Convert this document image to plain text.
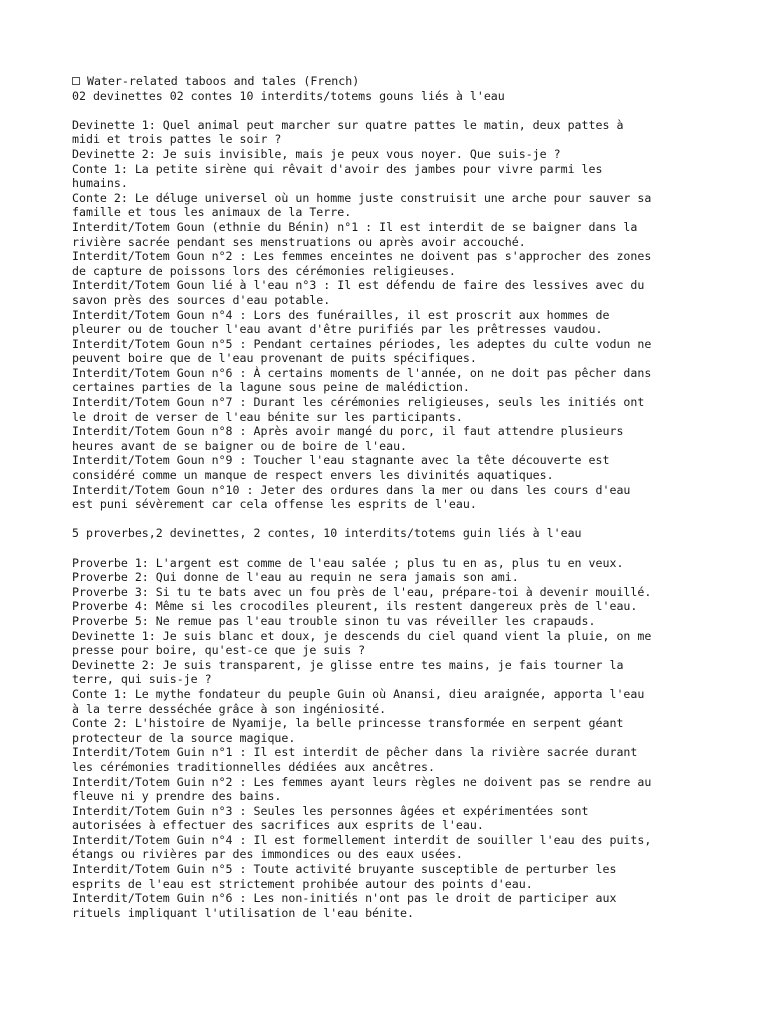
Water-related taboos and tales (French)
02 devinettes 02 contes 10 interdits/totems gouns liés à l'eau
Devinette 1: Quel animal peut marcher sur quatre pattes le matin, deux pattes à
midi et trois pattes le soir ?
Devinette 2: Je suis invisible, mais je peux vous noyer. Que suis-je ?
Conte 1: La petite sirène qui rêvait d'avoir des jambes pour vivre parmi les
humains.
Conte 2: Le déluge universel où un homme juste construisit une arche pour sauver sa
famille et tous les animaux de la Terre.
Interdit/Totem Goun (ethnie du Bénin) n°1 : Il est interdit de se baigner dans la
rivière sacrée pendant ses menstruations ou après avoir accouché.
Interdit/Totem Goun n°2 : Les femmes enceintes ne doivent pas s'approcher des zones
de capture de poissons lors des cérémonies religieuses.
Interdit/Totem Goun lié à l'eau n°3 : Il est défendu de faire des lessives avec du
savon près des sources d'eau potable.
Interdit/Totem Goun n°4 : Lors des funérailles, il est proscrit aux hommes de
pleurer ou de toucher l'eau avant d'être purifiés par les prêtresses vaudou.
Interdit/Totem Goun n°5 : Pendant certaines périodes, les adeptes du culte vodun ne
peuvent boire que de l'eau provenant de puits spécifiques.
Interdit/Totem Goun n°6 : À certains moments de l'année, on ne doit pas pêcher dans
certaines parties de la lagune sous peine de malédiction.
Interdit/Totem Goun n°7 : Durant les cérémonies religieuses, seuls les initiés ont
le droit de verser de l'eau bénite sur les participants.
Interdit/Totem Goun n°8 : Après avoir mangé du porc, il faut attendre plusieurs
heures avant de se baigner ou de boire de l'eau.
Interdit/Totem Goun n°9 : Toucher l'eau stagnante avec la tête découverte est
considéré comme un manque de respect envers les divinités aquatiques.
Interdit/Totem Goun n°10 : Jeter des ordures dans la mer ou dans les cours d'eau
est puni sévèrement car cela offense les esprits de l'eau.
5 proverbes,2 devinettes, 2 contes, 10 interdits/totems guin liés à l'eau
Proverbe 1: L'argent est comme de l'eau salée ; plus tu en as, plus tu en veux.
Proverbe 2: Qui donne de l'eau au requin ne sera jamais son ami.
Proverbe 3: Si tu te bats avec un fou près de l'eau, prépare-toi à devenir mouillé.
Proverbe 4: Même si les crocodiles pleurent, ils restent dangereux près de l'eau.
Proverbe 5: Ne remue pas l'eau trouble sinon tu vas réveiller les crapauds.
Devinette 1: Je suis blanc et doux, je descends du ciel quand vient la pluie, on me
presse pour boire, qu'est-ce que je suis ?
Devinette 2: Je suis transparent, je glisse entre tes mains, je fais tourner la
terre, qui suis-je ?
Conte 1: Le mythe fondateur du peuple Guin où Anansi, dieu araignée, apporta l'eau
à la terre desséchée grâce à son ingéniosité.
Conte 2: L'histoire de Nyamije, la belle princesse transformée en serpent géant
protecteur de la source magique.
Interdit/Totem Guin n°1 : Il est interdit de pêcher dans la rivière sacrée durant
les cérémonies traditionnelles dédiées aux ancêtres.
Interdit/Totem Guin n°2 : Les femmes ayant leurs règles ne doivent pas se rendre au
fleuve ni y prendre des bains.
Interdit/Totem Guin n°3 : Seules les personnes âgées et expérimentées sont
autorisées à effectuer des sacrifices aux esprits de l'eau.
Interdit/Totem Guin n°4 : Il est formellement interdit de souiller l'eau des puits,
étangs ou rivières par des immondices ou des eaux usées.
Interdit/Totem Guin n°5 : Toute activité bruyante susceptible de perturber les
esprits de l'eau est strictement prohibée autour des points d'eau.
Interdit/Totem Guin n°6 : Les non-initiés n'ont pas le droit de participer aux
rituels impliquant l'utilisation de l'eau bénite.
